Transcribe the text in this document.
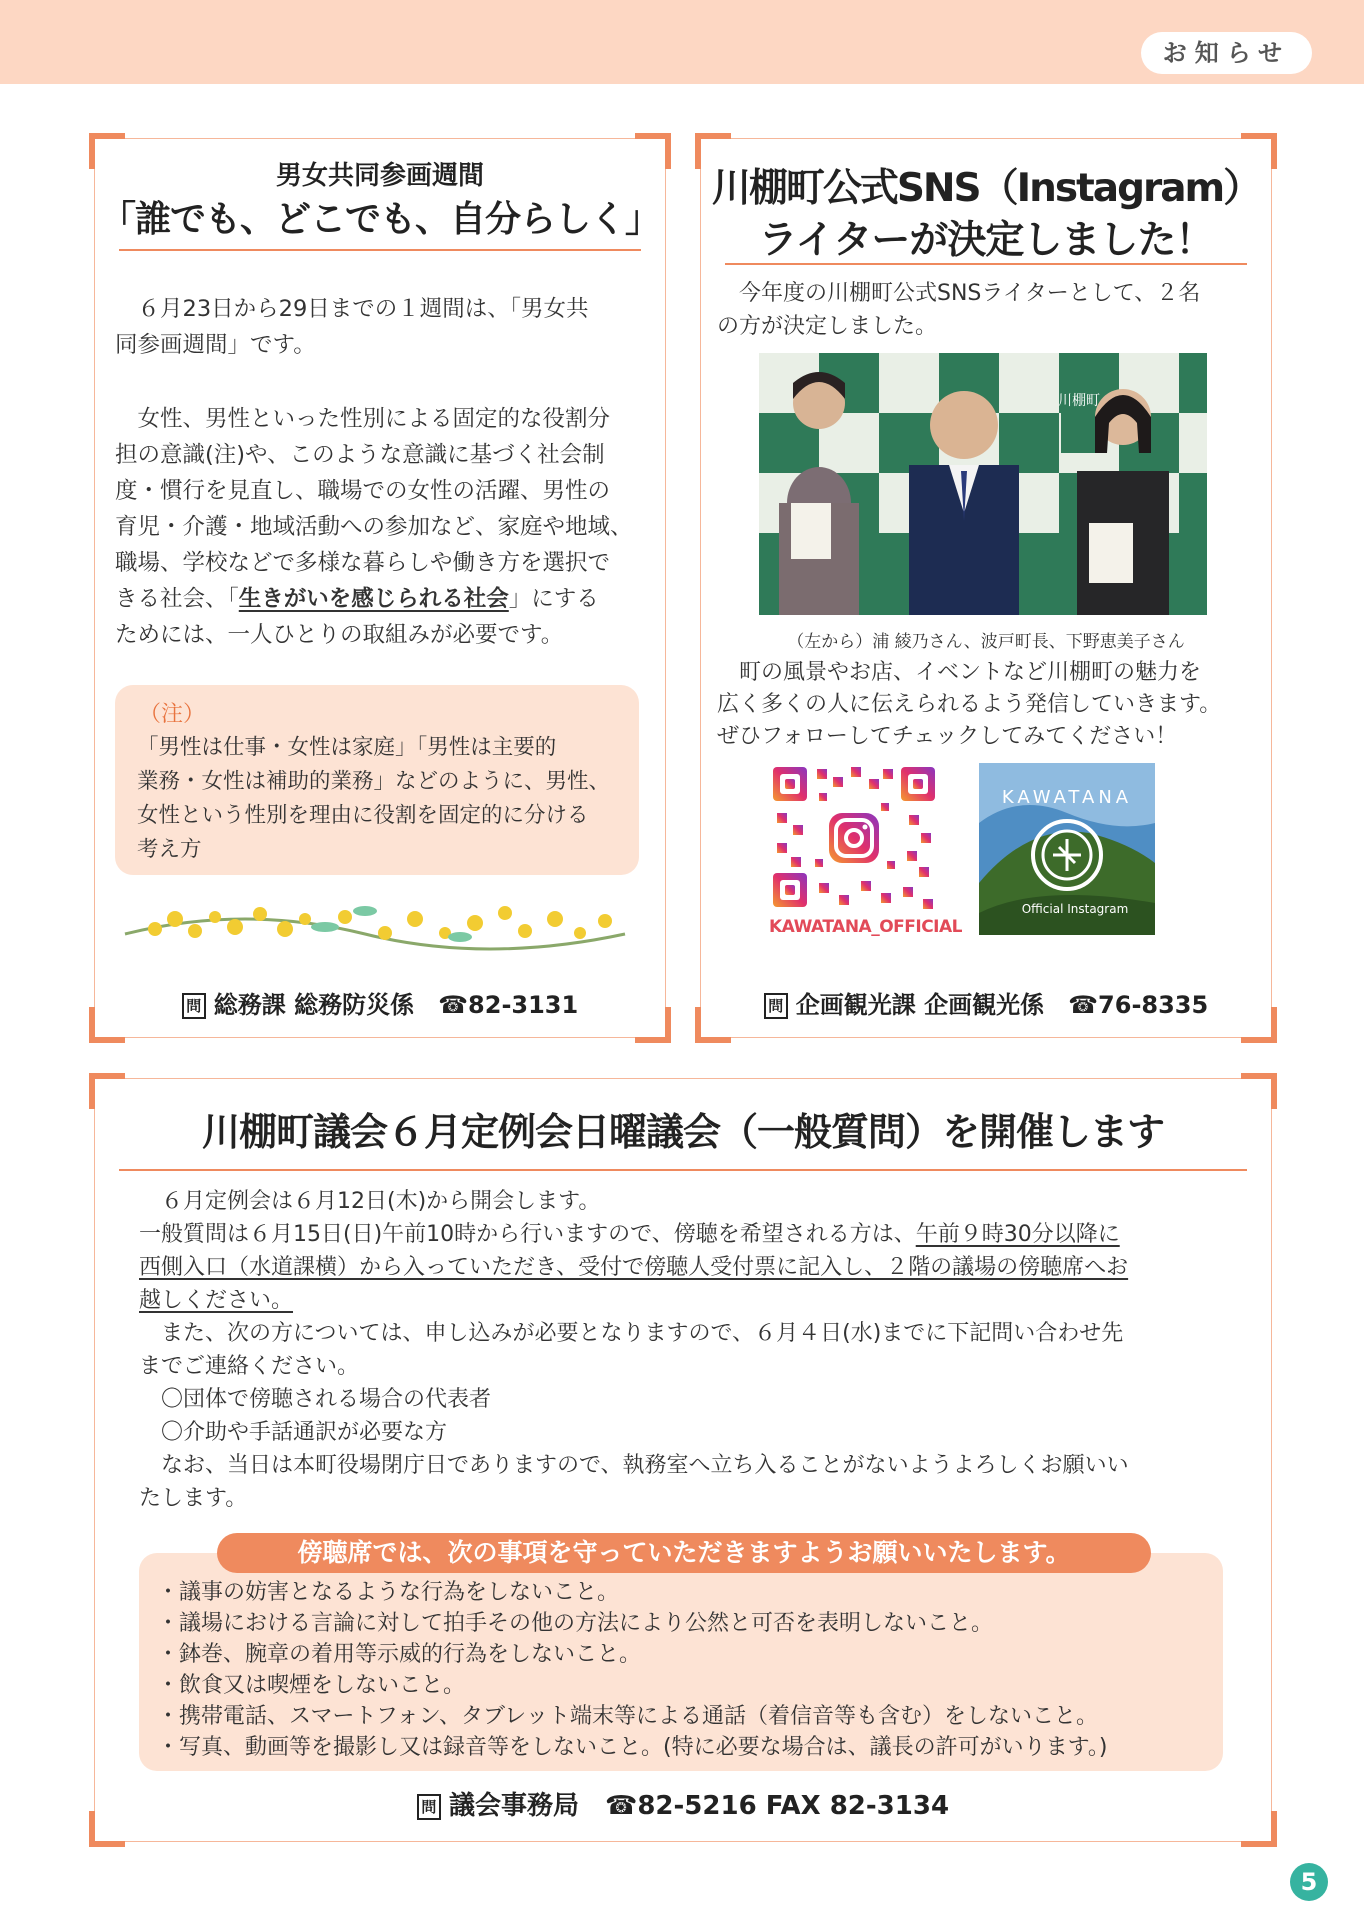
お知らせ
男女共同参画週間
「誰でも、どこでも、自分らしく」
　６月23日から29日までの１週間は、「男女共
同参画週間」です。
　女性、男性といった性別による固定的な役割分
担の意識(注)や、このような意識に基づく社会制
度・慣行を見直し、職場での女性の活躍、男性の
育児・介護・地域活動への参加など、家庭や地域、
職場、学校などで多様な暮らしや働き方を選択で
きる社会、「生きがいを感じられる社会」にする
ためには、一人ひとりの取組みが必要です。
（注）
「男性は仕事・女性は家庭」「男性は主要的
業務・女性は補助的業務」などのように、男性、
女性という性別を理由に役割を固定的に分ける
考え方
問 総務課 総務防災係　☎82-3131
川棚町公式SNS（Instagram）
ライターが決定しました！
　今年度の川棚町公式SNSライターとして、２名
の方が決定しました。
川棚町
（左から）浦 綾乃さん、波戸町長、下野恵美子さん
　町の風景やお店、イベントなど川棚町の魅力を
広く多くの人に伝えられるよう発信していきます。
ぜひフォローしてチェックしてみてください！
KAWATANA_OFFICIAL
KAWATANA
Official Instagram
問 企画観光課 企画観光係　☎76-8335
川棚町議会６月定例会日曜議会（一般質問）を開催します
　６月定例会は６月12日(木)から開会します。
一般質問は６月15日(日)午前10時から行いますので、傍聴を希望される方は、午前９時30分以降に
西側入口（水道課横）から入っていただき、受付で傍聴人受付票に記入し、２階の議場の傍聴席へお
越しください。
　また、次の方については、申し込みが必要となりますので、６月４日(水)までに下記問い合わせ先
までご連絡ください。
　〇団体で傍聴される場合の代表者
　〇介助や手話通訳が必要な方
　なお、当日は本町役場閉庁日でありますので、執務室へ立ち入ることがないようよろしくお願いい
たします。
傍聴席では、次の事項を守っていただきますようお願いいたします。
・議事の妨害となるような行為をしないこと。
・議場における言論に対して拍手その他の方法により公然と可否を表明しないこと。
・鉢巻、腕章の着用等示威的行為をしないこと。
・飲食又は喫煙をしないこと。
・携帯電話、スマートフォン、タブレット端末等による通話（着信音等も含む）をしないこと。
・写真、動画等を撮影し又は録音等をしないこと。(特に必要な場合は、議長の許可がいります。)
問 議会事務局　☎82-5216 FAX 82-3134
5
